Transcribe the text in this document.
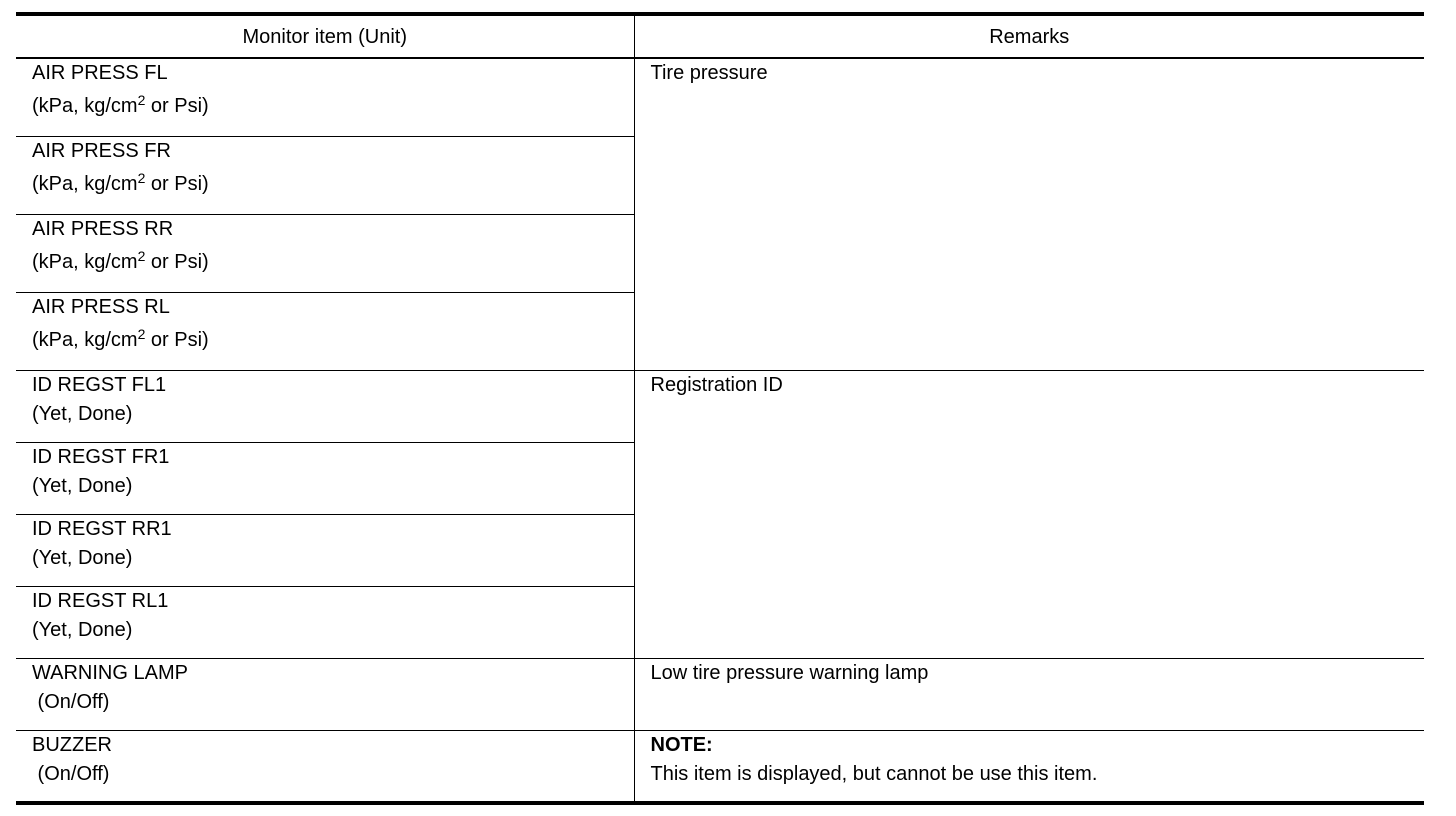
Monitor item (Unit)	Remarks

AIR PRESS FL
(kPa, $kg/cm^2$ or Psi)	Tire pressure

AIR PRESS FR
(kPa, $kg/cm^2$ or Psi)	

AIR PRESS RR
(kPa, $kg/cm^2$ or Psi)	

AIR PRESS RL
(kPa, $kg/cm^2$ or Psi)	

ID REGST FL1
(Yet, Done)	Registration ID

ID REGST FR1
(Yet, Done)	

ID REGST RR1
(Yet, Done)	

ID REGST RL1
(Yet, Done)	

WARNING LAMP
(On/Off)	Low tire pressure warning lamp

BUZZER
(On/Off)	NOTE:
This item is displayed, but cannot be use this item.
